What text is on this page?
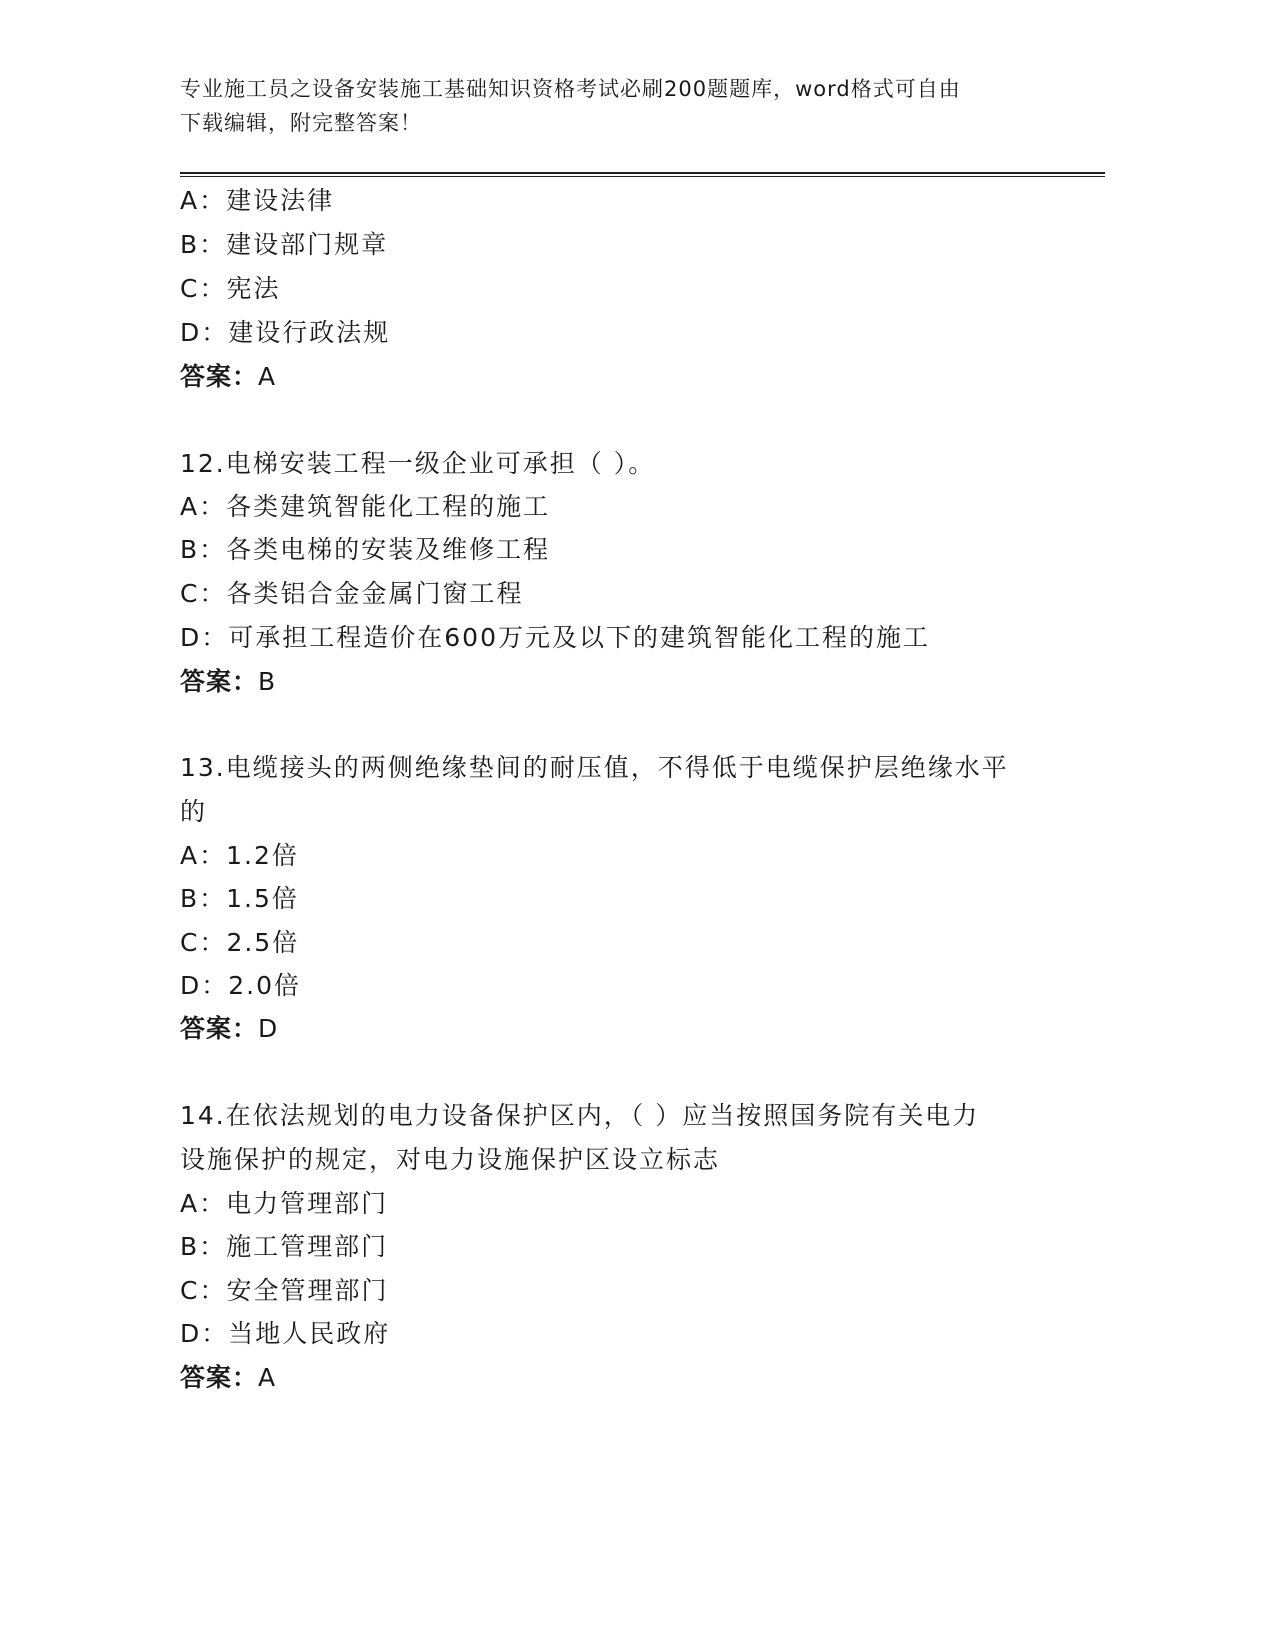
专业施工员之设备安装施工基础知识资格考试必刷200题题库，word格式可自由
下载编辑，附完整答案！
A：建设法律
B：建设部门规章
C：宪法
D：建设行政法规
答案：A
12.电梯安装工程一级企业可承担（ ）。
A：各类建筑智能化工程的施工
B：各类电梯的安装及维修工程
C：各类铝合金金属门窗工程
D：可承担工程造价在600万元及以下的建筑智能化工程的施工
答案：B
13.电缆接头的两侧绝缘垫间的耐压值，不得低于电缆保护层绝缘水平
的
A：1.2倍
B：1.5倍
C：2.5倍
D：2.0倍
答案：D
14.在依法规划的电力设备保护区内，（ ）应当按照国务院有关电力
设施保护的规定，对电力设施保护区设立标志
A：电力管理部门
B：施工管理部门
C：安全管理部门
D：当地人民政府
答案：A
